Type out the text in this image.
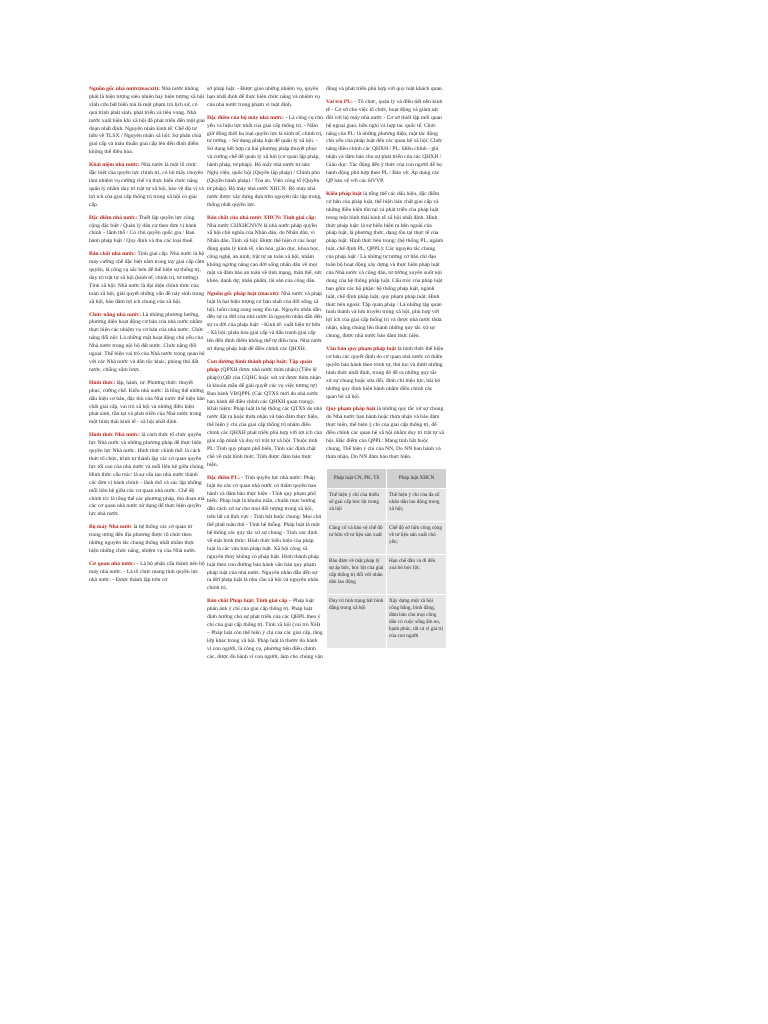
Nguồn gốc nhà nước(macxit): Nhà nước không phải là hiện tượng siêu nhiên hay hiện tượng xã hội vĩnh cửu bất biến mà là một phạm trù lịch sử, có quá trình phát sinh, phát triển và tiêu vong. Nhà nước xuất hiện khi xã hội đã phát triển đến một giai đoạn nhất định. Nguyên nhân kinh tế: Chế độ tư hữu về TLSX / Nguyên nhân xã hội: Sự phân chia giai cấp và mâu thuẫn giai cấp lên đến đỉnh điểm không thể điều hòa.

Khái niệm nhà nước: Nhà nước là một tổ chức đặc biệt của quyền lực chính trị, có bộ máy chuyên làm nhiệm vụ cưỡng chế và thực hiện chức năng quản lý nhằm duy trì trật tự xã hội, bảo vệ địa vị và lợi ích của giai cấp thống trị trong xã hội có giai cấp.

Đặc điểm nhà nước: Thiết lập quyền lực công cộng đặc biệt / Quản lý dân cư theo đơn vị hành chính – lãnh thổ / Có chủ quyền quốc gia / Ban hành pháp luật / Quy định và thu các loại thuế.

Bản chất nhà nước: Tính giai cấp: Nhà nước là bộ máy cưỡng chế đặc biệt nằm trong tay giai cấp cầm quyền, là công cụ sắc bén để thể hiện sự thống trị, duy trì trật tự xã hội (kinh tế, chính trị, tư tưởng). Tính xã hội: Nhà nước là đại diện chính thức của toàn xã hội, giải quyết những vấn đề nảy sinh trong xã hội, bảo đảm lợi ích chung của xã hội.

Chức năng nhà nước: Là những phương hướng, phương diện hoạt động cơ bản của nhà nước nhằm thực hiện các nhiệm vụ cơ bản của nhà nước. Chức năng đối nội: Là những mặt hoạt động chủ yếu của Nhà nước trong nội bộ đất nước. Chức năng đối ngoại: Thể hiện vai trò của Nhà nước trong quan hệ với các Nhà nước và dân tộc khác, phòng thủ đất nước, chống xâm lược.

Hình thức: lập, hành, tư. Phương thức: thuyết phục, cưỡng chế. Kiểu nhà nước: là tổng thể những dấu hiệu cơ bản, đặc thù của Nhà nước thể hiện bản chất giai cấp, vai trò xã hội và những điều kiện phát sinh, tồn tại và phát triển của Nhà nước trong một hình thái kinh tế - xã hội nhất định.

Hình thức Nhà nước: là cách thức tổ chức quyền lực Nhà nước và những phương pháp để thực hiện quyền lực Nhà nước. Hình thức chính thể: là cách thức tổ chức, trình tự thành lập các cơ quan quyền lực tối cao của nhà nước và mối liên hệ giữa chúng. Hình thức cấu trúc: là sự cấu tạo nhà nước thành các đơn vị hành chính – lãnh thổ và xác lập những mối liên hệ giữa các cơ quan nhà nước. Chế độ chính trị: là tổng thể các phương pháp, thủ đoạn mà các cơ quan nhà nước sử dụng để thực hiện quyền lực nhà nước.

Bộ máy Nhà nước là hệ thống các cơ quan từ trung ương đến địa phương được tổ chức theo những nguyên tắc chung thống nhất nhằm thực hiện những chức năng, nhiệm vụ của Nhà nước.

Cơ quan nhà nước: - Là bộ phận cấu thành nên bộ máy nhà nước. - Là tổ chức mang tính quyền lực nhà nước. - Được thành lập trên cơ

sở pháp luật. - Được giao những nhiệm vụ, quyền hạn nhất định để thực hiện chức năng và nhiệm vụ của nhà nước trong phạm vi luật định.

Đặc điểm của bộ máy nhà nước: - Là công cụ chủ yếu và hiệu lực nhất của giai cấp thống trị. - Nắm giữ đồng thời ba loại quyền lực là kinh tế, chính trị, tư tưởng. - Sử dụng pháp luật để quản lý xã hội. - Sử dụng kết hợp cả hai phương pháp thuyết phục và cưỡng chế để quản lý xã hội (cơ quan lập pháp, hành pháp, tư pháp). Bộ máy nhà nước tư sản: Nghị viện, quốc hội (Quyền lập pháp) / Chính phủ (Quyền hành pháp) / Tòa án, Viện công tố (Quyền tư pháp). Bộ máy nhà nước XHCN: Bộ máy nhà nước được xây dựng dựa trên nguyên tắc tập trung, thống nhất quyền lực.

Bản chất của nhà nước XHCN: Tính giai cấp: Nhà nước CHXHCNVN là nhà nước pháp quyền xã hội chủ nghĩa của Nhân dân, do Nhân dân, vì Nhân dân. Tính xã hội: Được thể hiện ở các hoạt động quản lý kinh tế, văn hóa, giáo dục, khoa học, công nghệ, an ninh, trật tự an toàn xã hội, nhằm không ngừng nâng cao đời sống nhân dân về mọi mặt và đảm bảo an toàn về tính mạng, thân thể, sức khỏe, danh dự, nhân phẩm, tài sản của công dân.

Nguồn gốc pháp luật (macxit): Nhà nước và pháp luật là hai hiện tượng cơ bản nhất của đời sống xã hội, luôn cùng song song tồn tại. Nguyên nhân dẫn đến sự ra đời của nhà nước là nguyên nhân dẫn đến sự ra đời của pháp luật: - Kinh tế: xuất hiện tư hữu - Xã hội: phân hóa giai cấp và đấu tranh giai cấp lên đến đỉnh điểm không thể tự điều hòa. Nhà nước sử dụng pháp luật để điều chỉnh các QHXH.

Con đường hình thành pháp luật: Tập quán pháp (QPXH được nhà nước thừa nhận) (Tiền lệ pháp) (QĐ của CQHC hoặc xét xử được thừa nhận là khuôn mẫu để giải quyết các vụ việc tương tự) Ban hành VBQPPL (Các QTXS mới do nhà nước ban hành để điều chỉnh các QHXH quan trọng). Khái niệm: Pháp luật là hệ thống các QTXS do nhà nước đặt ra hoặc thừa nhận và bảo đảm thực hiện, thể hiện ý chí của giai cấp thống trị nhằm điều chỉnh các QHXH phát triển phù hợp với lợi ích của giai cấp mình và duy trì trật tự xã hội. Thuộc tính PL: Tính quy phạm phổ biến, Tính xác định chặt chẽ về mặt hình thức, Tính được đảm bảo thực hiện.

Đặc điểm PL: - Tính quyền lực nhà nước: Pháp luật do các cơ quan nhà nước có thẩm quyền ban hành và đảm bảo thực hiện - Tính quy phạm phổ biến: Pháp luật là khuôn mẫu, chuẩn mực hướng dẫn cách xử sự cho mọi đối tượng trong xã hội, trên tất cả lĩnh vực - Tính bắt buộc chung: Mọi chủ thể phải tuân thủ - Tính hệ thống: Pháp luật là một hệ thống các quy tắc xử sự chung - Tính xác định về mặt hình thức: Hình thức biểu hiện của pháp luật là các văn bản pháp luật. Xã hội công xã nguyên thủy không có pháp luật. Hình thành pháp luật theo con đường ban hành văn bản quy phạm pháp luật của nhà nước. Nguyên nhân dẫn đến sự ra đời pháp luật là nhu cầu xã hội và nguyên nhân chính trị.

Bản chất Pháp luật: Tính giai cấp – Pháp luật phản ánh ý chí của giai cấp thống trị. Pháp luật định hướng cho sự phát triển của các QHPL theo ý chí của giai cấp thống trị. Tính xã hội (vai trò XH) – Pháp luật còn thể hiện ý chí của các giai cấp, tầng lớp khác trong xã hội. Pháp luật là thước đo hành vi con người, là công cụ, phương tiện điều chỉnh các, được đo hành vi con người, làm cho chúng vận

động và phát triển phù hợp với quy luật khách quan.

Vai trò PL: - Tổ chức, quản lý và điều tiết nền kinh tế - Cơ sở cho việc tổ chức, hoạt động và giám sát đối với bộ máy nhà nước - Cơ sở thiết lập mối quan hệ ngoại giao, hữu nghị và hợp tác quốc tế. Chức năng của PL: là những phương diện, mặt tác động chủ yếu của pháp luật đến các quan hệ xã hội: Chức năng điều chỉnh các QHXH / PL: Điều chỉnh - ghi nhận và đảm bảo cho sự phát triển của các QHXH / Giáo dục: Tác động đến ý thức của con người để họ hành động phù hợp theo PL / Bảo vệ: Áp dụng các QP bảo vệ với các HVVP.

Kiểu pháp luật là tổng thể các dấu hiệu, đặc điểm cơ bản của pháp luật, thể hiện bản chất giai cấp và những điều kiện tồn tại và phát triển của pháp luật trong một hình thái kinh tế xã hội nhất định. Hình thức pháp luật: là sự biểu hiện ra bên ngoài của pháp luật, là phương thức, dạng tồn tại thực tế của pháp luật. Hình thức bên trong: (hệ thống PL, ngành luật, chế định PL, QPPL): Các nguyên tắc chung của pháp luật / Là những tư tưởng cơ bản chỉ đạo toàn bộ hoạt động xây dựng và thực hiện pháp luật của Nhà nước và công dân, tư tưởng xuyên suốt nội dung của hệ thống pháp luật. Cấu trúc của pháp luật bao gồm các bộ phận: hệ thống pháp luật, ngành luật, chế định pháp luật, quy phạm pháp luật. Hình thức bên ngoài: Tập quán pháp / Là những tập quán hình thành và lưu truyền trong xã hội, phù hợp với lợi ích của giai cấp thống trị và được nhà nước thừa nhận, nâng chúng lên thành những quy tắc xử sự chung, được nhà nước bảo đảm thực hiện.

Văn bản quy phạm pháp luật là hình thức thể hiện cơ bản các quyết định do cơ quan nhà nước có thẩm quyền ban hành theo trình tự, thủ tục và dưới những hình thức nhất định, trong đó đề ra những quy tắc xử sự chung hoặc sửa đổi, đình chỉ hiệu lực, bãi bỏ những quy định hiện hành nhằm điều chỉnh các quan hệ xã hội.

Quy phạm pháp luật là những quy tắc xử sự chung do Nhà nước ban hành hoặc thừa nhận và bảo đảm thực hiện, thể hiện ý chí của giai cấp thống trị, để điều chỉnh các quan hệ xã hội nhằm duy trì trật tự xã hội. Đặc điểm của QPPL: Mang tính bắt buộc chung, Thể hiện ý chí của NN, Do NN ban hành và thừa nhận, Do NN đảm bảo thực hiện.

Pháp luật CN, PK, TS	Pháp luật XHCN
Thể hiện ý chí của thiểu số giai cấp bóc lột trong xã hội	Thể hiện ý chí của đa số nhân dân lao động trong xã hội;
Củng cố và bảo vệ chế độ tư hữu về tư liệu sản xuất	Chế độ sở hữu công cộng về tư liệu sản xuất chủ yếu;
Bảo đảm về mặt pháp lý sự áp bức, bóc lột của giai cấp thống trị đối với nhân dân lao động	Hạn chế dần và đi đến xoá bỏ bóc lột;
Duy trì tình trạng bất bình đẳng trong xã hội	Xây dựng một xã hội công bằng, bình đẳng, đảm bảo cho mọi công dân có cuộc sống ấm no, hạnh phúc, tất cả vì giá trị của con người
